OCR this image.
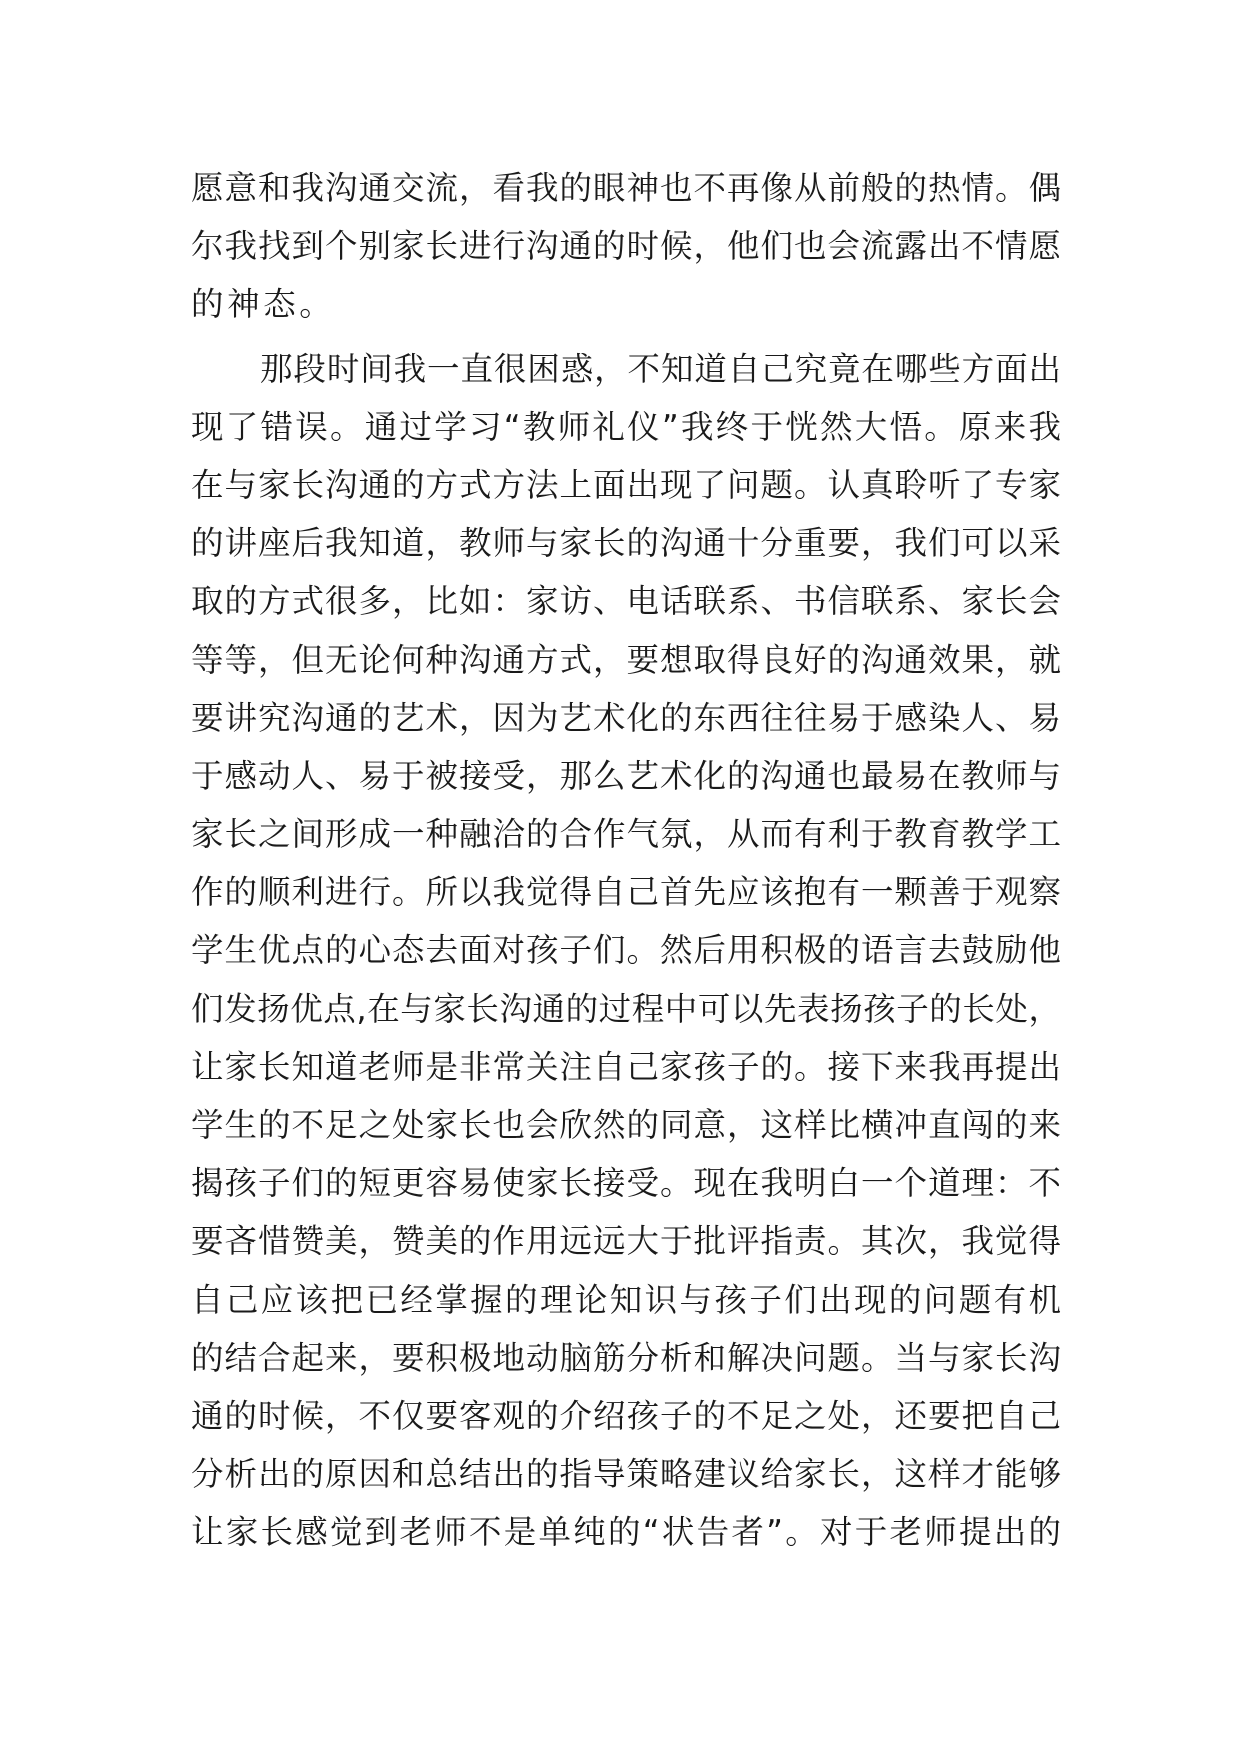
愿意和我沟通交流，看我的眼神也不再像从前般的热情。偶
尔我找到个别家长进行沟通的时候，他们也会流露出不情愿
的神态。
那段时间我一直很困惑，不知道自己究竟在哪些方面出
现了错误。通过学习“教师礼仪”我终于恍然大悟。原来我
在与家长沟通的方式方法上面出现了问题。认真聆听了专家
的讲座后我知道，教师与家长的沟通十分重要，我们可以采
取的方式很多，比如：家访、电话联系、书信联系、家长会
等等，但无论何种沟通方式，要想取得良好的沟通效果，就
要讲究沟通的艺术，因为艺术化的东西往往易于感染人、易
于感动人、易于被接受，那么艺术化的沟通也最易在教师与
家长之间形成一种融洽的合作气氛，从而有利于教育教学工
作的顺利进行。所以我觉得自己首先应该抱有一颗善于观察
学生优点的心态去面对孩子们。然后用积极的语言去鼓励他
们发扬优点,在与家长沟通的过程中可以先表扬孩子的长处，
让家长知道老师是非常关注自己家孩子的。接下来我再提出
学生的不足之处家长也会欣然的同意，这样比横冲直闯的来
揭孩子们的短更容易使家长接受。现在我明白一个道理：不
要吝惜赞美，赞美的作用远远大于批评指责。其次，我觉得
自己应该把已经掌握的理论知识与孩子们出现的问题有机
的结合起来，要积极地动脑筋分析和解决问题。当与家长沟
通的时候，不仅要客观的介绍孩子的不足之处，还要把自己
分析出的原因和总结出的指导策略建议给家长，这样才能够
让家长感觉到老师不是单纯的“状告者”。对于老师提出的
